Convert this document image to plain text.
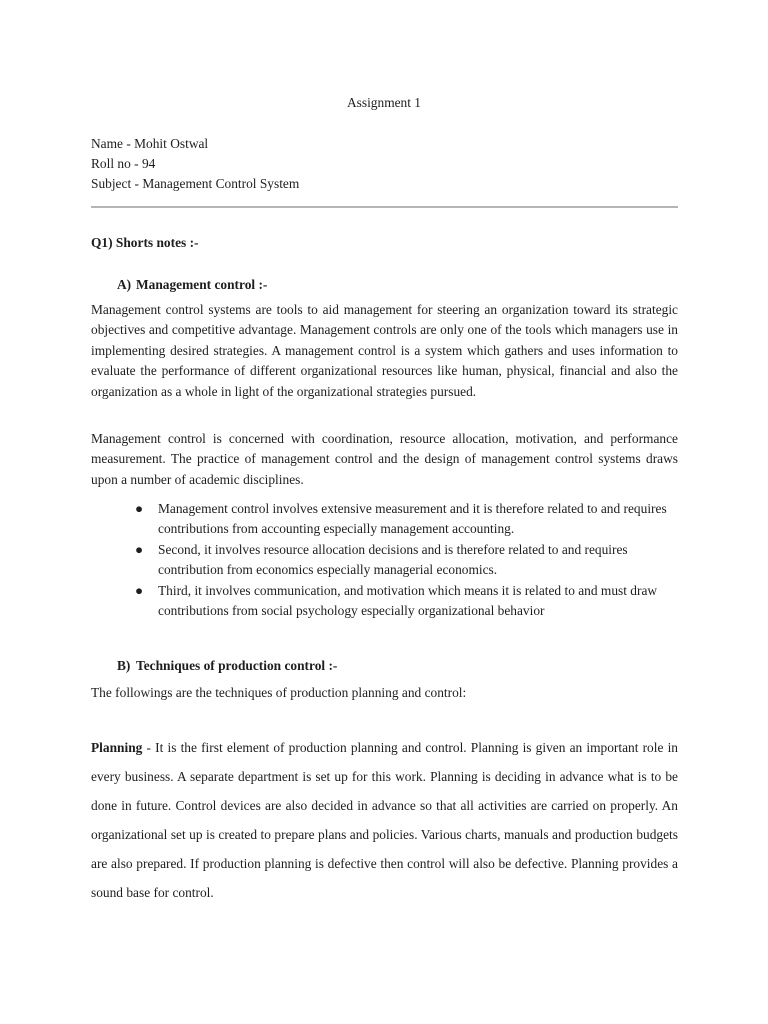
Assignment 1

Name - Mohit Ostwal
Roll no - 94
Subject - Management Control System

Q1) Shorts notes :-

A) Management control :-

Management control systems are tools to aid management for steering an organization toward its strategic objectives and competitive advantage. Management controls are only one of the tools which managers use in implementing desired strategies. A management control is a system which gathers and uses information to evaluate the performance of different organizational resources like human, physical, financial and also the organization as a whole in light of the organizational strategies pursued.

Management control is concerned with coordination, resource allocation, motivation, and performance measurement. The practice of management control and the design of management control systems draws upon a number of academic disciplines.

● Management control involves extensive measurement and it is therefore related to and requires contributions from accounting especially management accounting.
● Second, it involves resource allocation decisions and is therefore related to and requires contribution from economics especially managerial economics.
● Third, it involves communication, and motivation which means it is related to and must draw contributions from social psychology especially organizational behavior

B) Techniques of production control :-

The followings are the techniques of production planning and control:

Planning - It is the first element of production planning and control. Planning is given an important role in every business. A separate department is set up for this work. Planning is deciding in advance what is to be done in future. Control devices are also decided in advance so that all activities are carried on properly. An organizational set up is created to prepare plans and policies. Various charts, manuals and production budgets are also prepared. If production planning is defective then control will also be defective. Planning provides a sound base for control.
